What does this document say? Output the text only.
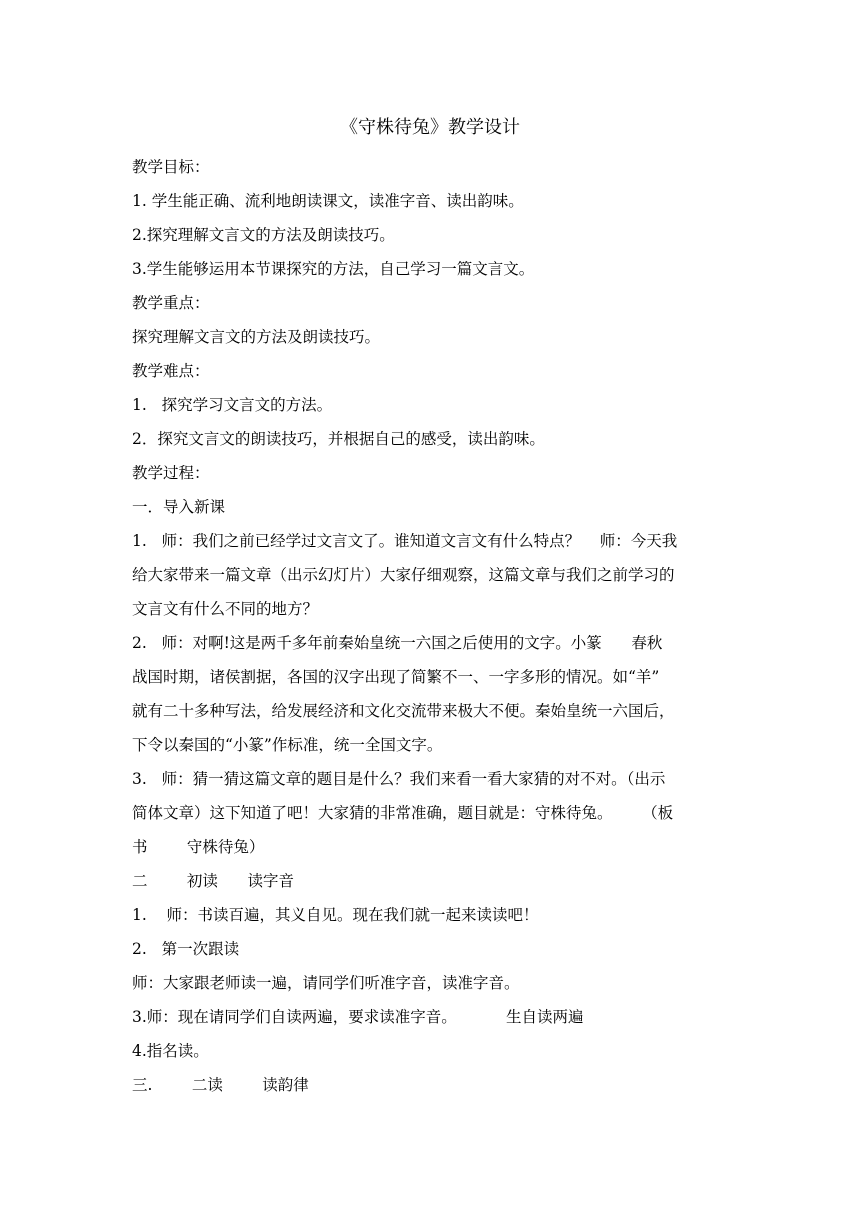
《守株待兔》教学设计

教学目标：

1. 学生能正确、流利地朗读课文，读准字音、读出韵味。

2.探究理解文言文的方法及朗读技巧。

3.学生能够运用本节课探究的方法，自己学习一篇文言文。

教学重点：

探究理解文言文的方法及朗读技巧。

教学难点：

1.   探究学习文言文的方法。

2．探究文言文的朗读技巧，并根据自己的感受，读出韵味。

教学过程：

一．导入新课

1.   师：我们之前已经学过文言文了。谁知道文言文有什么特点？    师：今天我
给大家带来一篇文章（出示幻灯片）大家仔细观察，这篇文章与我们之前学习的
文言文有什么不同的地方？
2.   师：对啊!这是两千多年前秦始皇统一六国之后使用的文字。小篆      春秋
战国时期，诸侯割据，各国的汉字出现了简繁不一、一字多形的情况。如“羊”
就有二十多种写法，给发展经济和文化交流带来极大不便。秦始皇统一六国后，
下令以秦国的“小篆”作标准，统一全国文字。
3.   师：猜一猜这篇文章的题目是什么？我们来看一看大家猜的对不对。（出示
简体文章）这下知道了吧！大家猜的非常准确，题目就是：守株待兔。      （板
书        守株待兔）

二        初读      读字音

1.    师：书读百遍，其义自见。现在我们就一起来读读吧！

2.   第一次跟读

师：大家跟老师读一遍，请同学们听准字音，读准字音。

3.师：现在请同学们自读两遍，要求读准字音。          生自读两遍

4.指名读。

三.        二读        读韵律
